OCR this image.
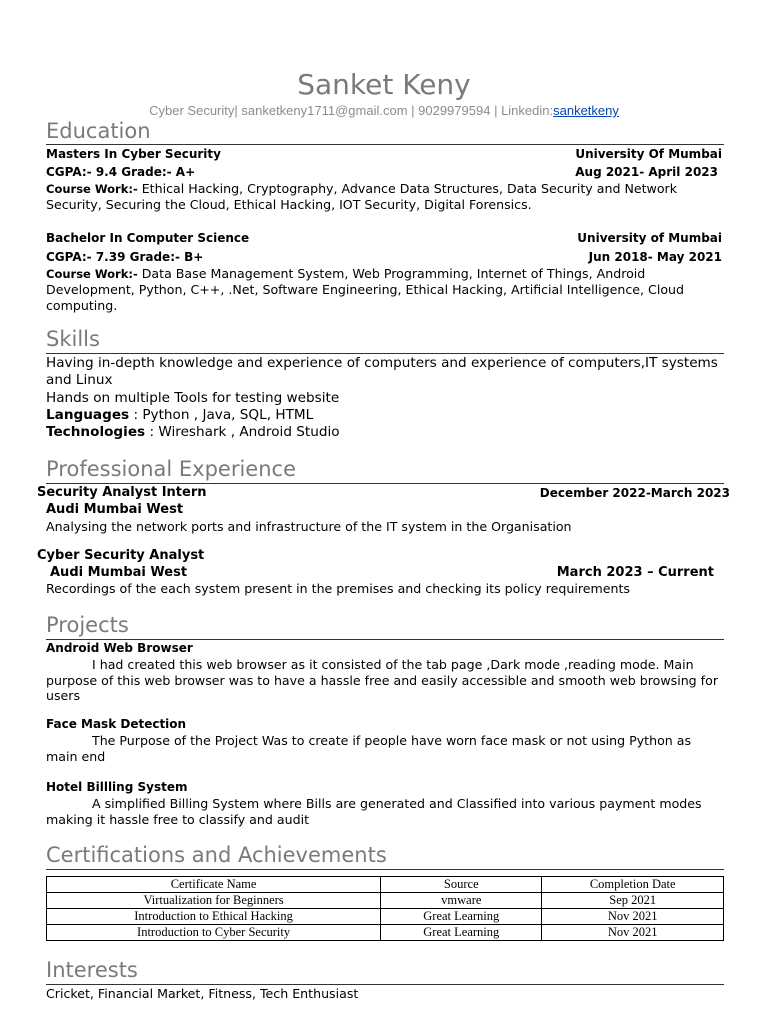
Sanket Keny
Cyber Security| sanketkeny1711@gmail.com | 9029979594 | Linkedin:sanketkeny
Education
Masters In Cyber Security	University Of Mumbai
CGPA:- 9.4 Grade:- A+	Aug 2021- April 2023
Course Work:- Ethical Hacking, Cryptography, Advance Data Structures, Data Security and Network Security, Securing the Cloud, Ethical Hacking, IOT Security, Digital Forensics.
Bachelor In Computer Science	University of Mumbai
CGPA:- 7.39 Grade:- B+	Jun 2018- May 2021
Course Work:- Data Base Management System, Web Programming, Internet of Things, Android Development, Python, C++, .Net, Software Engineering, Ethical Hacking, Artificial Intelligence, Cloud computing.
Skills
Having in-depth knowledge and experience of computers and experience of computers,IT systems and Linux
Hands on multiple Tools for testing website
Languages : Python , Java, SQL, HTML
Technologies : Wireshark , Android Studio
Professional Experience
Security Analyst Intern	December 2022-March 2023
Audi Mumbai West
Analysing the network ports and infrastructure of the IT system in the Organisation
Cyber Security Analyst
Audi Mumbai West	March 2023 – Current
Recordings of the each system present in the premises and checking its policy requirements
Projects
Android Web Browser
I had created this web browser as it consisted of the tab page ,Dark mode ,reading mode. Main purpose of this web browser was to have a hassle free and easily accessible and smooth web browsing for users
Face Mask Detection
The Purpose of the Project Was to create if people have worn face mask or not using Python as main end
Hotel Billling System
A simplified Billing System where Bills are generated and Classified into various payment modes making it hassle free to classify and audit
Certifications and Achievements
Certificate Name	Source	Completion Date
Virtualization for Beginners	vmware	Sep 2021
Introduction to Ethical Hacking	Great Learning	Nov 2021
Introduction to Cyber Security	Great Learning	Nov 2021
Interests
Cricket, Financial Market, Fitness, Tech Enthusiast
